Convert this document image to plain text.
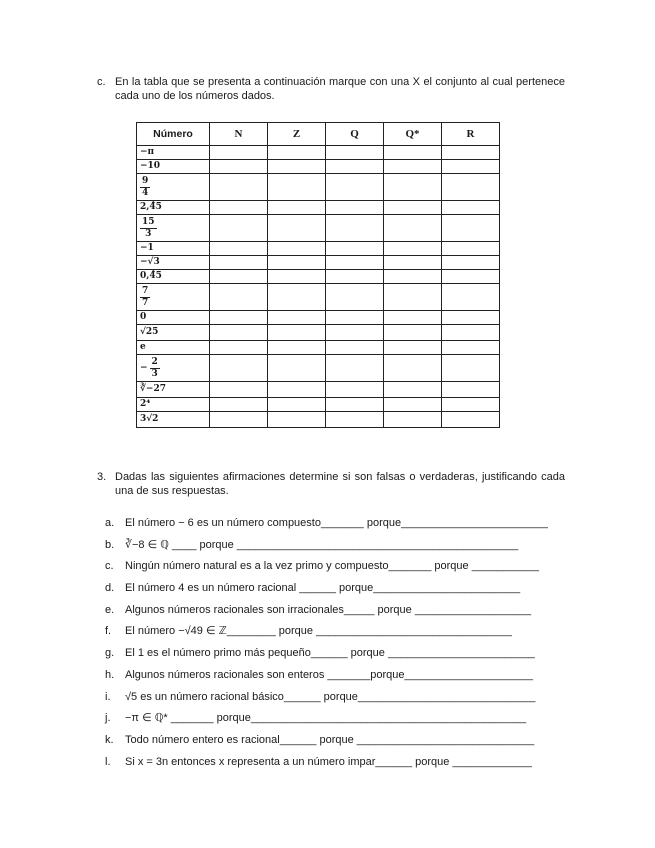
c. En la tabla que se presenta a continuación marque con una X el conjunto al cual pertenece cada uno de los números dados.
Número	N	Z	Q	Q*	R
−π					
−10					

$\frac{9}{4}$

2,4̂5					

$\frac{15}{3}$

−1					
−√3					
0,4̂5					

$\frac{7}{7}$

0					
√25					
e					
− $\frac{2}{3}$

∛−27					
2⁴					
3√2					
3. Dadas las siguientes afirmaciones determine si son falsas o verdaderas, justificando cada una de sus respuestas.
a. El número − 6 es un número compuesto_______ porque________________________
b. ∛−8 ∈ ℚ ____ porque ______________________________________________
c. Ningún número natural es a la vez primo y compuesto_______ porque ___________
d. El número 4 es un número racional ______ porque________________________
e. Algunos números racionales son irracionales_____ porque ___________________
f. El número −√49 ∈ ℤ________ porque ________________________________
g. El 1 es el número primo más pequeño______ porque ________________________
h. Algunos números racionales son enteros _______porque_____________________
i. √5 es un número racional básico______ porque_____________________________
j. −π ∈ ℚ* _______ porque_____________________________________________
k. Todo número entero es racional______ porque _____________________________
l. Si x = 3n entonces x representa a un número impar______ porque _____________
